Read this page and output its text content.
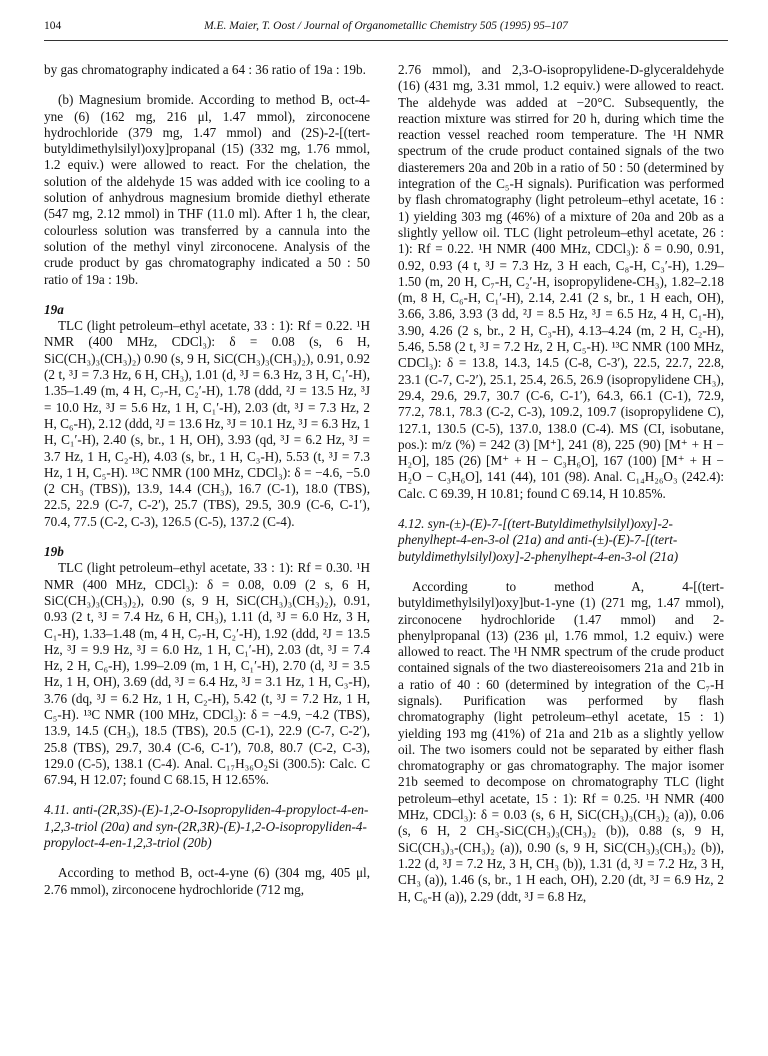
104	M.E. Maier, T. Oost / Journal of Organometallic Chemistry 505 (1995) 95–107

by gas chromatography indicated a 64 : 36 ratio of 19a : 19b.

(b) Magnesium bromide. According to method B, oct-4-yne (6) (162 mg, 216 μl, 1.47 mmol), zirconocene hydrochloride (379 mg, 1.47 mmol) and (2S)-2-[(tert-butyldimethylsilyl)oxy]propanal (15) (332 mg, 1.76 mmol, 1.2 equiv.) were allowed to react. For the chelation, the solution of the aldehyde 15 was added with ice cooling to a solution of anhydrous magnesium bromide diethyl etherate (547 mg, 2.12 mmol) in THF (11.0 ml). After 1 h, the clear, colourless solution was transferred by a cannula into the solution of the methyl vinyl zirconocene. Analysis of the crude product by gas chromatography indicated a 50 : 50 ratio of 19a : 19b.

19a

TLC (light petroleum–ethyl acetate, 33 : 1): Rf = 0.22. ¹H NMR (400 MHz, CDCl₃): δ = 0.08 (s, 6 H, SiC(CH₃)₃(CH₃)₂) 0.90 (s, 9 H, SiC(CH₃)₃(CH₃)₂), 0.91, 0.92 (2 t, ³J = 7.3 Hz, 6 H, CH₃), 1.01 (d, ³J = 6.3 Hz, 3 H, C₁′-H), 1.35–1.49 (m, 4 H, C₇-H, C₂′-H), 1.78 (ddd, ²J = 13.5 Hz, ³J = 10.0 Hz, ³J = 5.6 Hz, 1 H, C₁′-H), 2.03 (dt, ³J = 7.3 Hz, 2 H, C₆-H), 2.12 (ddd, ²J = 13.6 Hz, ³J = 10.1 Hz, ³J = 6.3 Hz, 1 H, C₁′-H), 2.40 (s, br., 1 H, OH), 3.93 (qd, ³J = 6.2 Hz, ³J = 3.7 Hz, 1 H, C₂-H), 4.03 (s, br., 1 H, C₃-H), 5.53 (t, ³J = 7.3 Hz, 1 H, C₅-H). ¹³C NMR (100 MHz, CDCl₃): δ = −4.6, −5.0 (2 CH₃ (TBS)), 13.9, 14.4 (CH₃), 16.7 (C-1), 18.0 (TBS), 22.5, 22.9 (C-7, C-2′), 25.7 (TBS), 29.5, 30.9 (C-6, C-1′), 70.4, 77.5 (C-2, C-3), 126.5 (C-5), 137.2 (C-4).

19b

TLC (light petroleum–ethyl acetate, 33 : 1): Rf = 0.30. ¹H NMR (400 MHz, CDCl₃): δ = 0.08, 0.09 (2 s, 6 H, SiC(CH₃)₃(CH₃)₂), 0.90 (s, 9 H, SiC(CH₃)₃(CH₃)₂), 0.91, 0.93 (2 t, ³J = 7.4 Hz, 6 H, CH₃), 1.11 (d, ³J = 6.0 Hz, 3 H, C₁-H), 1.33–1.48 (m, 4 H, C₇-H, C₂′-H), 1.92 (ddd, ²J = 13.5 Hz, ³J = 9.9 Hz, ³J = 6.0 Hz, 1 H, C₁′-H), 2.03 (dt, ³J = 7.4 Hz, 2 H, C₆-H), 1.99–2.09 (m, 1 H, C₁′-H), 2.70 (d, ³J = 3.5 Hz, 1 H, OH), 3.69 (dd, ³J = 6.4 Hz, ³J = 3.1 Hz, 1 H, C₃-H), 3.76 (dq, ³J = 6.2 Hz, 1 H, C₂-H), 5.42 (t, ³J = 7.2 Hz, 1 H, C₅-H). ¹³C NMR (100 MHz, CDCl₃): δ = −4.9, −4.2 (TBS), 13.9, 14.5 (CH₃), 18.5 (TBS), 20.5 (C-1), 22.9 (C-7, C-2′), 25.8 (TBS), 29.7, 30.4 (C-6, C-1′), 70.8, 80.7 (C-2, C-3), 129.0 (C-5), 138.1 (C-4). Anal. C₁₇H₃₆O₂Si (300.5): Calc. C 67.94, H 12.07; found C 68.15, H 12.65%.

4.11. anti-(2R,3S)-(E)-1,2-O-Isopropyliden-4-propyloct-4-en-1,2,3-triol (20a) and syn-(2R,3R)-(E)-1,2-O-isopropyliden-4-propyloct-4-en-1,2,3-triol (20b)

According to method B, oct-4-yne (6) (304 mg, 405 μl, 2.76 mmol), zirconocene hydrochloride (712 mg,

2.76 mmol), and 2,3-O-isopropylidene-D-glyceraldehyde (16) (431 mg, 3.31 mmol, 1.2 equiv.) were allowed to react. The aldehyde was added at −20°C. Subsequently, the reaction mixture was stirred for 20 h, during which time the reaction vessel reached room temperature. The ¹H NMR spectrum of the crude product contained signals of the two diasteremers 20a and 20b in a ratio of 50 : 50 (determined by integration of the C₅-H signals). Purification was performed by flash chromatography (light petroleum–ethyl acetate, 16 : 1) yielding 303 mg (46%) of a mixture of 20a and 20b as a slightly yellow oil. TLC (light petroleum–ethyl acetate, 26 : 1): Rf = 0.22. ¹H NMR (400 MHz, CDCl₃): δ = 0.90, 0.91, 0.92, 0.93 (4 t, ³J = 7.3 Hz, 3 H each, C₈-H, C₃′-H), 1.29–1.50 (m, 20 H, C₇-H, C₂′-H, isopropylidene-CH₃), 1.82–2.18 (m, 8 H, C₆-H, C₁′-H), 2.14, 2.41 (2 s, br., 1 H each, OH), 3.66, 3.86, 3.93 (3 dd, ²J = 8.5 Hz, ³J = 6.5 Hz, 4 H, C₁-H), 3.90, 4.26 (2 s, br., 2 H, C₃-H), 4.13–4.24 (m, 2 H, C₂-H), 5.46, 5.58 (2 t, ³J = 7.2 Hz, 2 H, C₅-H). ¹³C NMR (100 MHz, CDCl₃): δ = 13.8, 14.3, 14.5 (C-8, C-3′), 22.5, 22.7, 22.8, 23.1 (C-7, C-2′), 25.1, 25.4, 26.5, 26.9 (isopropylidene CH₃), 29.4, 29.6, 29.7, 30.7 (C-6, C-1′), 64.3, 66.1 (C-1), 72.9, 77.2, 78.1, 78.3 (C-2, C-3), 109.2, 109.7 (isopropylidene C), 127.1, 130.5 (C-5), 137.0, 138.0 (C-4). MS (CI, isobutane, pos.): m/z (%) = 242 (3) [M⁺], 241 (8), 225 (90) [M⁺ + H − H₂O], 185 (26) [M⁺ + H − C₃H₆O], 167 (100) [M⁺ + H − H₂O − C₃H₆O], 141 (44), 101 (98). Anal. C₁₄H₂₆O₃ (242.4): Calc. C 69.39, H 10.81; found C 69.14, H 10.85%.

4.12. syn-(±)-(E)-7-[(tert-Butyldimethylsilyl)oxy]-2-phenylhept-4-en-3-ol (21a) and anti-(±)-(E)-7-[(tert-butyldimethylsilyl)oxy]-2-phenylhept-4-en-3-ol (21a)

According to method A, 4-[(tert-butyldimethylsilyl)oxy]but-1-yne (1) (271 mg, 1.47 mmol), zirconocene hydrochloride (1.47 mmol) and 2-phenylpropanal (13) (236 μl, 1.76 mmol, 1.2 equiv.) were allowed to react. The ¹H NMR spectrum of the crude product contained signals of the two diastereoisomers 21a and 21b in a ratio of 40 : 60 (determined by integration of the C₇-H signals). Purification was performed by flash chromatography (light petroleum–ethyl acetate, 15 : 1) yielding 193 mg (41%) of 21a and 21b as a slightly yellow oil. The two isomers could not be separated by either flash chromatography or gas chromatography. The major isomer 21b seemed to decompose on chromatography TLC (light petroleum–ethyl acetate, 15 : 1): Rf = 0.25. ¹H NMR (400 MHz, CDCl₃): δ = 0.03 (s, 6 H, SiC(CH₃)₃(CH₃)₂ (a)), 0.06 (s, 6 H, 2 CH₃-SiC(CH₃)₃(CH₃)₂ (b)), 0.88 (s, 9 H, SiC(CH₃)₃-(CH₃)₂ (a)), 0.90 (s, 9 H, SiC(CH₃)₃(CH₃)₂ (b)), 1.22 (d, ³J = 7.2 Hz, 3 H, CH₃ (b)), 1.31 (d, ³J = 7.2 Hz, 3 H, CH₃ (a)), 1.46 (s, br., 1 H each, OH), 2.20 (dt, ³J = 6.9 Hz, 2 H, C₆-H (a)), 2.29 (ddt, ³J = 6.8 Hz,
